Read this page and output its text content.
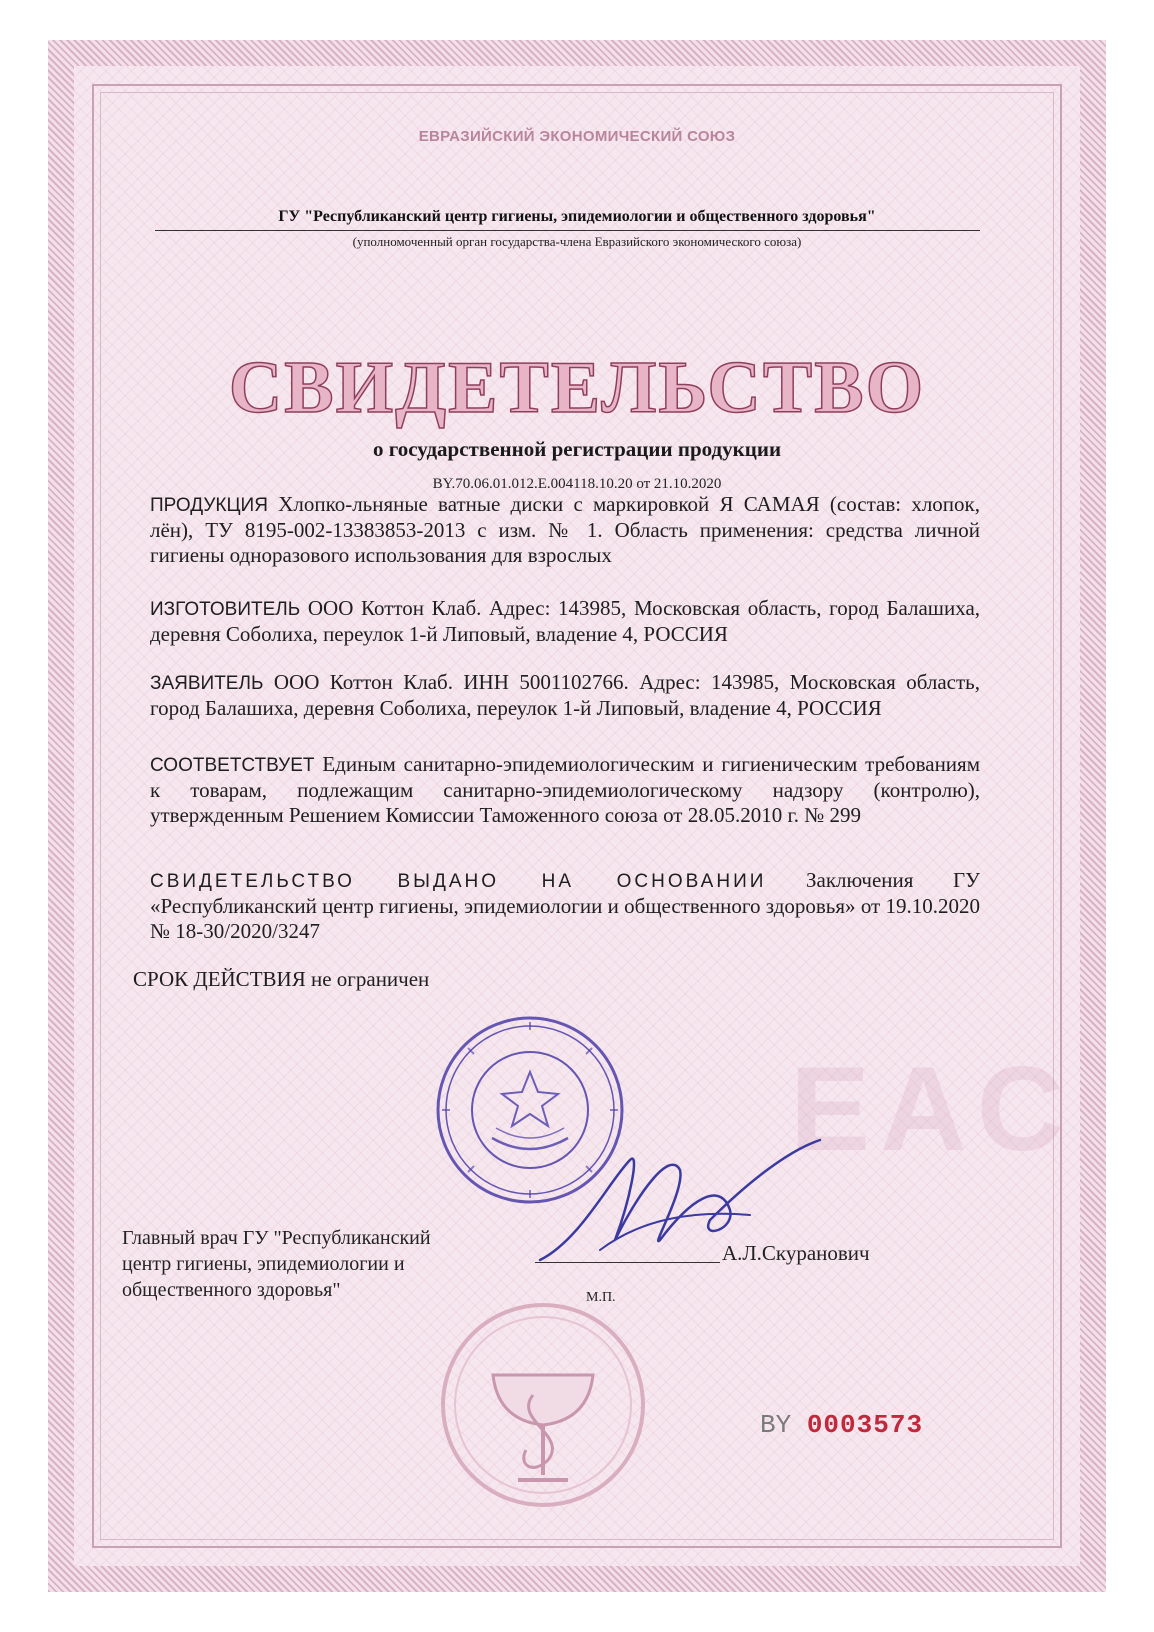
EAC
ЕВРАЗИЙСКИЙ ЭКОНОМИЧЕСКИЙ СОЮЗ
ГУ "Республиканский центр гигиены, эпидемиологии и общественного здоровья"
(уполномоченный орган государства-члена Евразийского экономического союза)
СВИДЕТЕЛЬСТВО
о государственной регистрации продукции
BY.70.06.01.012.E.004118.10.20 от 21.10.2020
ПРОДУКЦИЯ Хлопко-льняные ватные диски с маркировкой Я САМАЯ (состав: хлопок, лён), ТУ 8195-002-13383853-2013 с изм. № 1. Область применения: средства личной гигиены одноразового использования для взрослых
ИЗГОТОВИТЕЛЬ ООО Коттон Клаб. Адрес: 143985, Московская область, город Балашиха, деревня Соболиха, переулок 1-й Липовый, владение 4, РОССИЯ
ЗАЯВИТЕЛЬ ООО Коттон Клаб. ИНН 5001102766. Адрес: 143985, Московская область, город Балашиха, деревня Соболиха, переулок 1-й Липовый, владение 4, РОССИЯ
СООТВЕТСТВУЕТ Единым санитарно-эпидемиологическим и гигиеническим требованиям к товарам, подлежащим санитарно-эпидемиологическому надзору (контролю), утвержденным Решением Комиссии Таможенного союза от 28.05.2010 г. № 299
СВИДЕТЕЛЬСТВО ВЫДАНО НА ОСНОВАНИИ Заключения ГУ «Республиканский центр гигиены, эпидемиологии и общественного здоровья» от 19.10.2020 № 18-30/2020/3247
СРОК ДЕЙСТВИЯ не ограничен
А.Л.Скуранович
Главный врач ГУ "Республиканский центр гигиены, эпидемиологии и общественного здоровья"	М.П.
BY 0003573
